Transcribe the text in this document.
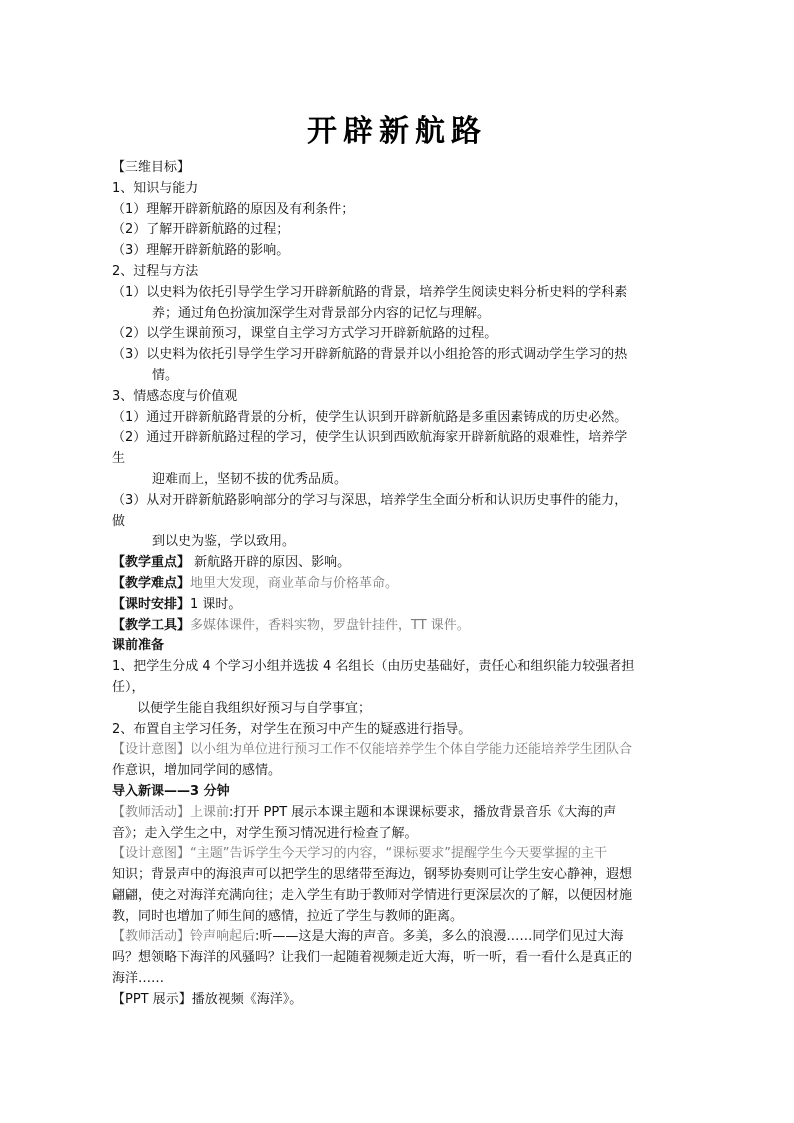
开辟新航路

【三维目标】

1、知识与能力

（1）理解开辟新航路的原因及有利条件；

（2）了解开辟新航路的过程；

（3）理解开辟新航路的影响。

2、过程与方法

（1）以史料为依托引导学生学习开辟新航路的背景，培养学生阅读史料分析史料的学科素

养；通过角色扮演加深学生对背景部分内容的记忆与理解。

（2）以学生课前预习，课堂自主学习方式学习开辟新航路的过程。

（3）以史料为依托引导学生学习开辟新航路的背景并以小组抢答的形式调动学生学习的热

情。

3、情感态度与价值观

（1）通过开辟新航路背景的分析，使学生认识到开辟新航路是多重因素铸成的历史必然。

（2）通过开辟新航路过程的学习，使学生认识到西欧航海家开辟新航路的艰难性，培养学

生

迎难而上，坚韧不拔的优秀品质。

（3）从对开辟新航路影响部分的学习与深思，培养学生全面分析和认识历史事件的能力，

做

到以史为鉴，学以致用。

【教学重点】 新航路开辟的原因、影响。

【教学难点】地里大发现，商业革命与价格革命。

【课时安排】1 课时。

【教学工具】多媒体课件，香料实物，罗盘针挂件，TT 课件。

课前准备

1、把学生分成 4 个学习小组并选拔 4 名组长（由历史基础好，责任心和组织能力较强者担

任），

以便学生能自我组织好预习与自学事宜；

2、布置自主学习任务，对学生在预习中产生的疑惑进行指导。

【设计意图】以小组为单位进行预习工作不仅能培养学生个体自学能力还能培养学生团队合

作意识，增加同学间的感情。

导入新课——3 分钟

【教师活动】上课前:打开 PPT 展示本课主题和本课课标要求，播放背景音乐《大海的声

音》；走入学生之中，对学生预习情况进行检查了解。

【设计意图】“主题”告诉学生今天学习的内容，“课标要求”提醒学生今天要掌握的主干

知识；背景声中的海浪声可以把学生的思绪带至海边，钢琴协奏则可让学生安心静神，遐想

翩翩，使之对海洋充满向往；走入学生有助于教师对学情进行更深层次的了解，以便因材施

教，同时也增加了师生间的感情，拉近了学生与教师的距离。

【教师活动】铃声响起后:听——这是大海的声音。多美，多么的浪漫……同学们见过大海

吗？想领略下海洋的风骚吗？让我们一起随着视频走近大海，听一听，看一看什么是真正的

海洋……

【PPT 展示】播放视频《海洋》。
